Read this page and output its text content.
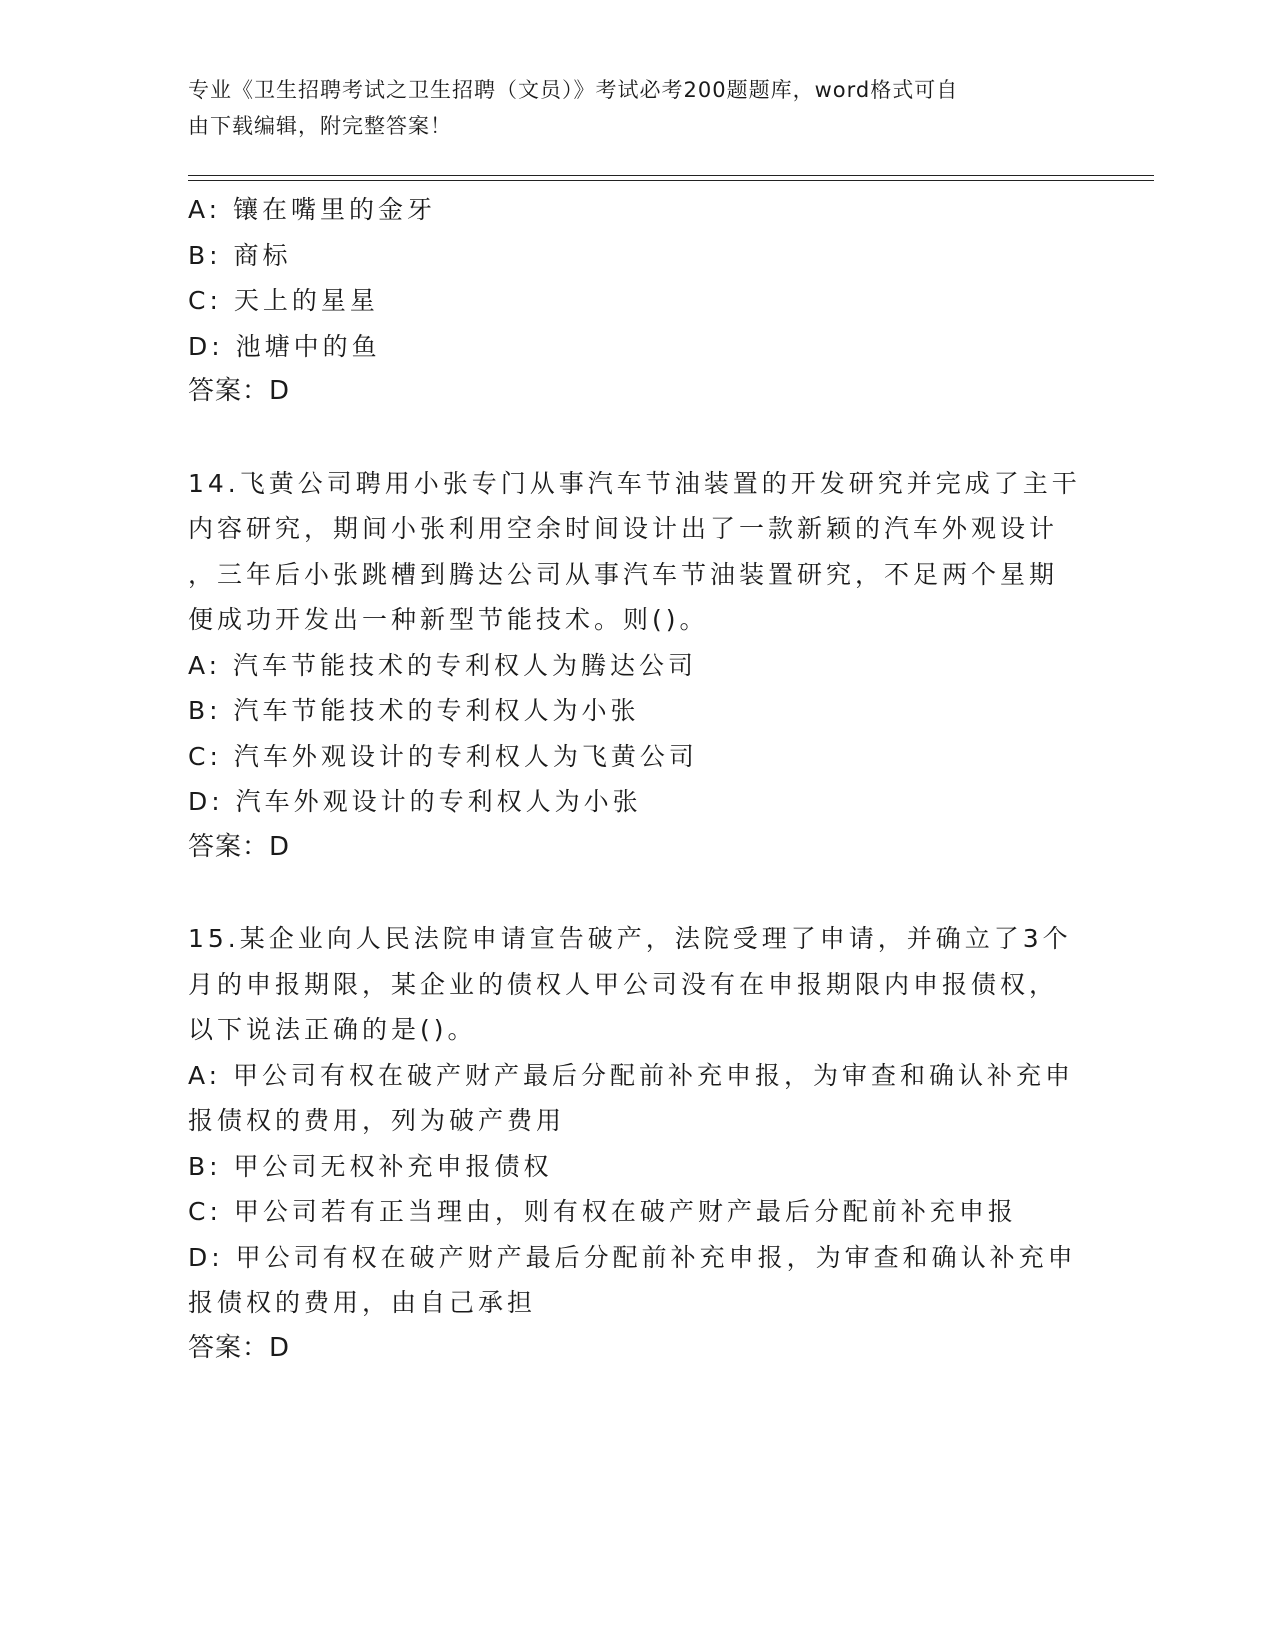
专业《卫生招聘考试之卫生招聘（文员）》考试必考200题题库，word格式可自
由下载编辑，附完整答案！
A: 镶在嘴里的金牙
B: 商标
C: 天上的星星
D: 池塘中的鱼
答案：D
14.飞黄公司聘用小张专门从事汽车节油装置的开发研究并完成了主干
内容研究，期间小张利用空余时间设计出了一款新颖的汽车外观设计
，三年后小张跳槽到腾达公司从事汽车节油装置研究，不足两个星期
便成功开发出一种新型节能技术。则()。
A: 汽车节能技术的专利权人为腾达公司
B: 汽车节能技术的专利权人为小张
C: 汽车外观设计的专利权人为飞黄公司
D: 汽车外观设计的专利权人为小张
答案：D
15.某企业向人民法院申请宣告破产，法院受理了申请，并确立了3个
月的申报期限，某企业的债权人甲公司没有在申报期限内申报债权，
以下说法正确的是()。
A: 甲公司有权在破产财产最后分配前补充申报，为审查和确认补充申
报债权的费用，列为破产费用
B: 甲公司无权补充申报债权
C: 甲公司若有正当理由，则有权在破产财产最后分配前补充申报
D: 甲公司有权在破产财产最后分配前补充申报，为审查和确认补充申
报债权的费用，由自己承担
答案：D
